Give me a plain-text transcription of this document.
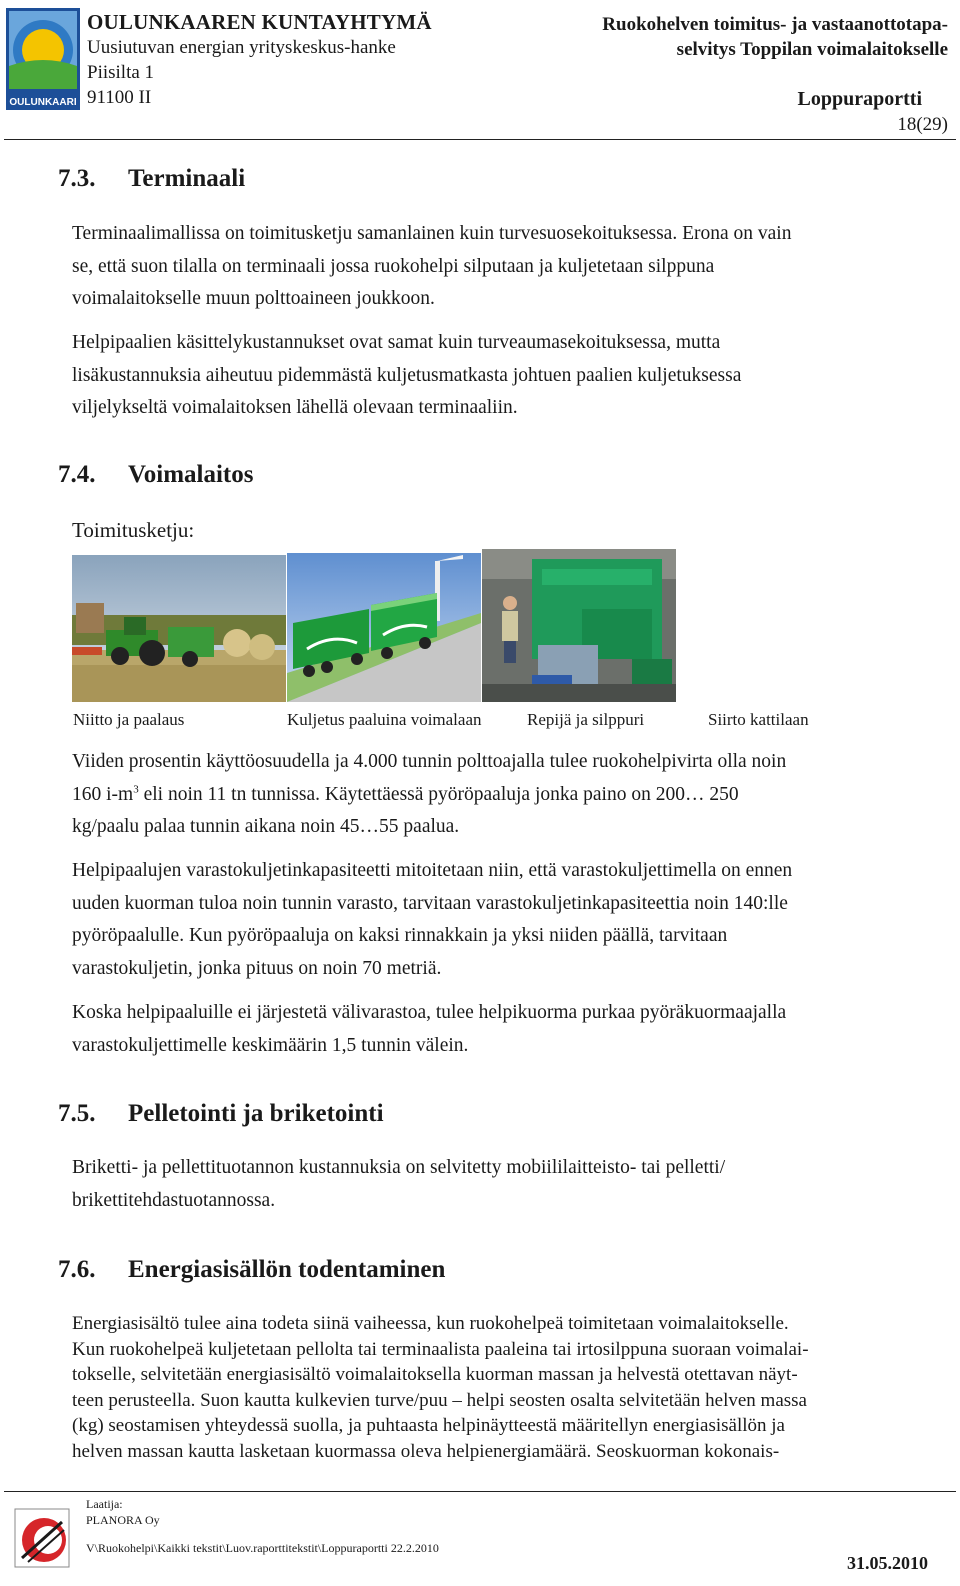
OULUNKAARI
OULUNKAAREN KUNTAYHTYMÄ
Uusiutuvan energian yrityskeskus-hanke
Piisilta 1
91100 II
Ruokohelven toimitus- ja vastaanottotapa-
selvitys Toppilan voimalaitokselle
Loppuraportti
18(29)
7.3. Terminaali
Terminaalimallissa on toimitusketju samanlainen kuin turvesuosekoituksessa. Erona on vain
se, että suon tilalla on terminaali jossa ruokohelpi silputaan ja kuljetetaan silppuna
voimalaitokselle muun polttoaineen joukkoon.
Helpipaalien käsittelykustannukset ovat samat kuin turveaumasekoituksessa, mutta
lisäkustannuksia aiheutuu pidemmästä kuljetusmatkasta johtuen paalien kuljetuksessa
viljelykseltä voimalaitoksen lähellä olevaan terminaaliin.
7.4. Voimalaitos
Toimitusketju:
Niitto ja paalaus	Kuljetus paaluina voimalaan	Repijä ja silppuri	Siirto kattilaan
Viiden prosentin käyttöosuudella ja 4.000 tunnin polttoajalla tulee ruokohelpivirta olla noin
160 $i-m^3$ eli noin 11 tn tunnissa. Käytettäessä pyöröpaaluja jonka paino on 200… 250
kg/paalu palaa tunnin aikana noin 45…55 paalua.
Helpipaalujen varastokuljetinkapasiteetti mitoitetaan niin, että varastokuljettimella on ennen
uuden kuorman tuloa noin tunnin varasto, tarvitaan varastokuljetinkapasiteettia noin 140:lle
pyöröpaalulle. Kun pyöröpaaluja on kaksi rinnakkain ja yksi niiden päällä, tarvitaan
varastokuljetin, jonka pituus on noin 70 metriä.
Koska helpipaaluille ei järjestetä välivarastoa, tulee helpikuorma purkaa pyöräkuormaajalla
varastokuljettimelle keskimäärin 1,5 tunnin välein.
7.5. Pelletointi ja briketointi
Briketti- ja pellettituotannon kustannuksia on selvitetty mobiililaitteisto- tai pelletti/
brikettitehdastuotannossa.
7.6. Energiasisällön todentaminen
Energiasisältö tulee aina todeta siinä vaiheessa, kun ruokohelpeä toimitetaan voimalaitokselle.
Kun ruokohelpeä kuljetetaan pellolta tai terminaalista paaleina tai irtosilppuna suoraan voimalai-
tokselle, selvitetään energiasisältö voimalaitoksella kuorman massan ja helvestä otettavan näyt-
teen perusteella. Suon kautta kulkevien turve/puu – helpi seosten osalta selvitetään helven massa
(kg) seostamisen yhteydessä suolla, ja puhtaasta helpinäytteestä määritellyn energiasisällön ja
helven massan kautta lasketaan kuormassa oleva helpienergiamäärä. Seoskuorman kokonais-
Laatija:
PLANORA Oy
V\Ruokohelpi\Kaikki tekstit\Luov.raporttitekstit\Loppuraportti 22.2.2010
31.05.2010
